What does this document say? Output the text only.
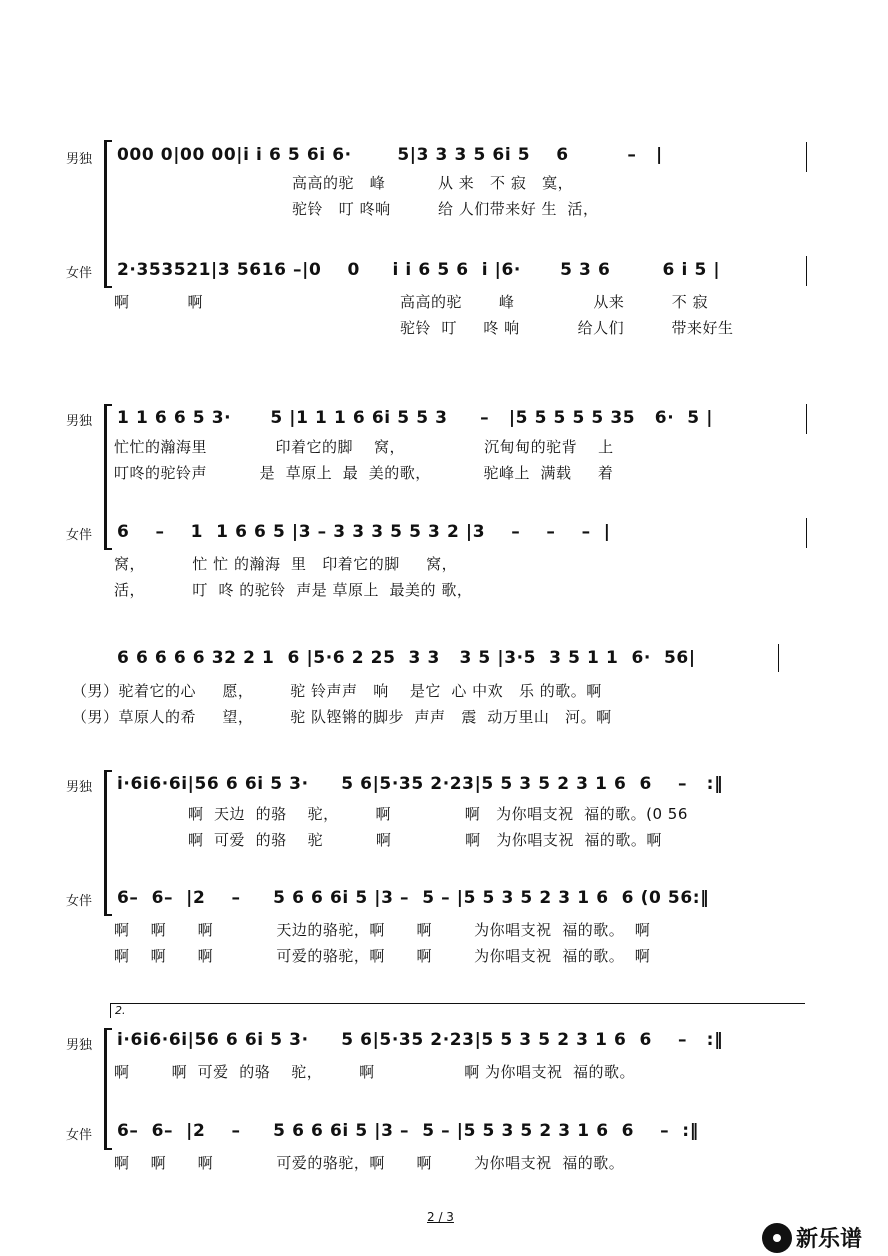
男独
女伴
000 0|00 00|i i 6 5 6i 6·       5|3 3 3 5 6i 5    6         –   |
高高的驼   峰          从 来   不 寂   寞，
驼铃   叮 咚响         给 人们带来好 生  活，
2·353521|3 5616 –|0    0     i i 6 5 6  i |6·      5 3 6        6 i 5 |
啊           啊	高高的驼       峰               从来         不 寂
驼铃  叮     咚 响           给人们         带来好生
男独
女伴
1 1 6 6 5 3·      5 |1 1 1 6 6i 5 5 3     –   |5 5 5 5 5 35   6·  5 |
忙忙的瀚海里             印着它的脚    窝，               沉甸甸的驼背    上
叮咚的驼铃声          是  草原上  最  美的歌，          驼峰上  满载     着
6    –    1  1 6 6 5 |3 – 3 3 3 5 5 3 2 |3    –    –    –  |
窝，         忙 忙 的瀚海  里   印着它的脚     窝，
活，         叮  咚 的驼铃  声是 草原上  最美的 歌，
6 6 6 6 6 32 2 1  6 |5·6 2 25  3 3   3 5 |3·5  3 5 1 1  6·  56|
（男）驼着它的心     愿，       驼 铃声声   响    是它  心 中欢   乐 的歌。啊
（男）草原人的希     望，       驼 队铿锵的脚步  声声   震  动万里山   河。啊
男独
女伴
i·6i6·6i|56 6 6i 5 3·     5 6|5·35 2·23|5 5 3 5 2 3 1 6  6    –   :‖
啊  天边  的骆    驼，       啊              啊   为你唱支祝  福的歌。(0 56
啊  可爱  的骆    驼          啊              啊   为你唱支祝  福的歌。啊
6–  6–  |2    –     5 6 6 6i 5 |3 –  5 – |5 5 3 5 2 3 1 6  6 (0 56:‖
啊    啊      啊            天边的骆驼，啊      啊        为你唱支祝  福的歌。  啊
啊    啊      啊            可爱的骆驼，啊      啊        为你唱支祝  福的歌。  啊
2.
男独
女伴
i·6i6·6i|56 6 6i 5 3·     5 6|5·35 2·23|5 5 3 5 2 3 1 6  6    –   :‖
啊        啊  可爱  的骆    驼，       啊                 啊 为你唱支祝  福的歌。
6–  6–  |2    –     5 6 6 6i 5 |3 –  5 – |5 5 3 5 2 3 1 6  6    –  :‖
啊    啊      啊            可爱的骆驼，啊      啊        为你唱支祝  福的歌。
2 / 3
新乐谱
